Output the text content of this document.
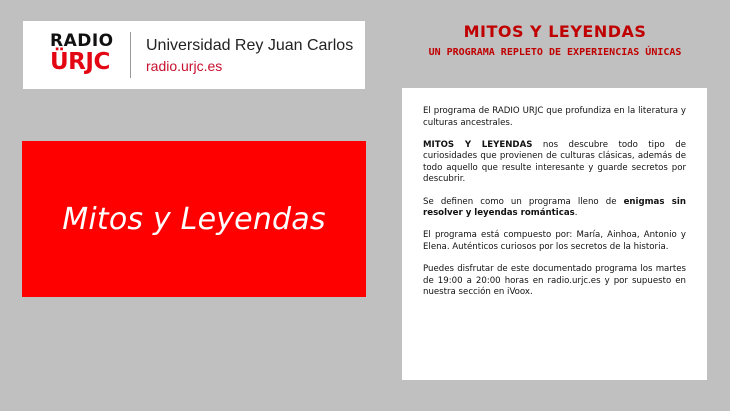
RADIO
ÜRJC
Universidad Rey Juan Carlos
radio.urjc.es
Mitos y Leyendas
MITOS Y LEYENDAS
UN PROGRAMA REPLETO DE EXPERIENCIAS ÚNICAS

El programa de RADIO URJC que profundiza en la literatura y culturas ancestrales.

MITOS Y LEYENDAS nos descubre todo tipo de curiosidades que provienen de culturas clásicas, además de todo aquello que resulte interesante y guarde secretos por descubrir.

Se definen como un programa lleno de enigmas sin resolver y leyendas románticas.

El programa está compuesto por: María, Ainhoa, Antonio y Elena. Auténticos curiosos por los secretos de la historia.

Puedes disfrutar de este documentado programa los martes de 19:00 a 20:00 horas en radio.urjc.es y por supuesto en nuestra sección en iVoox.
